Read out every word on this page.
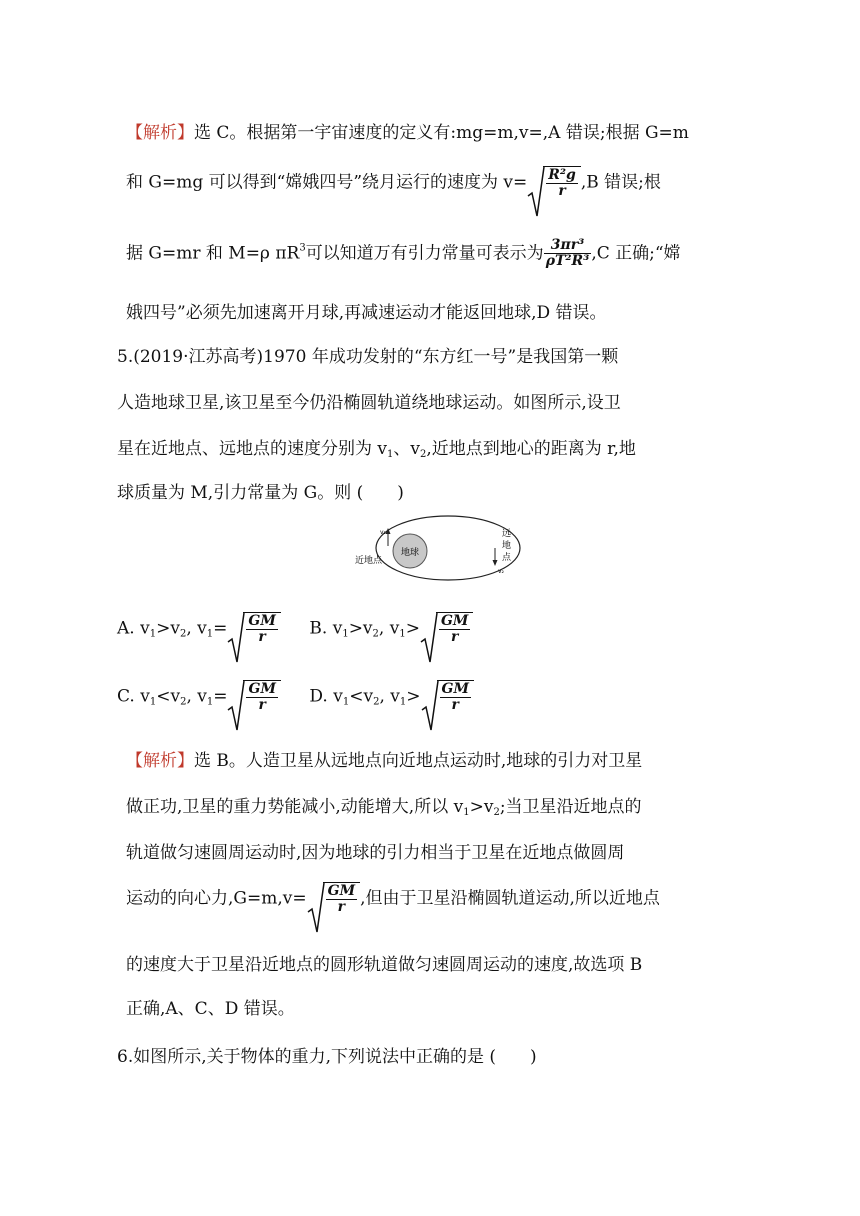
【解析】选 C。根据第一宇宙速度的定义有:mg=m,v=,A 错误;根据 G=m
和 G=mg 可以得到“嫦娥四号”绕月运行的速度为 $v= \frac{\text{R²g}}{r} ,B$ 错误;根
据 G=mr 和 M=ρ $\pi R^3$可以知道万有引力常量可表示为 $\frac{\text{3πr³}}{\text{ρT²R³}} ,C$ 正确;“嫦
娥四号”必须先加速离开月球,再减速运动才能返回地球,D 错误。
5.(2019·江苏高考)1970 年成功发射的“东方红一号”是我国第一颗
人造地球卫星,该卫星至今仍沿椭圆轨道绕地球运动。如图所示,设卫
星在近地点、远地点的速度分别为 $v_1$、$v_2$,近地点到地心的距离为 r,地
球质量为 M,引力常量为 G。则 (　　)
地球
v₁
近地点
v₂
远
地
点
A. $v_1>v_2$, $v_1= \frac{GM}{r} B$. $v_1>v_2$, $v_1> \frac{GM}{r}$
C. $v_1<v_2$, $v_1= \frac{GM}{r} D$. $v_1<v_2$, $v_1> \frac{GM}{r}$
【解析】选 B。人造卫星从远地点向近地点运动时,地球的引力对卫星
做正功,卫星的重力势能减小,动能增大,所以 $v_1>v_2$;当卫星沿近地点的
轨道做匀速圆周运动时,因为地球的引力相当于卫星在近地点做圆周
运动的向心力$,G=m,v= \frac{GM}{r}$ ,但由于卫星沿椭圆轨道运动,所以近地点
的速度大于卫星沿近地点的圆形轨道做匀速圆周运动的速度,故选项 B
正确,A、C、D 错误。
6.如图所示,关于物体的重力,下列说法中正确的是 (　　)
